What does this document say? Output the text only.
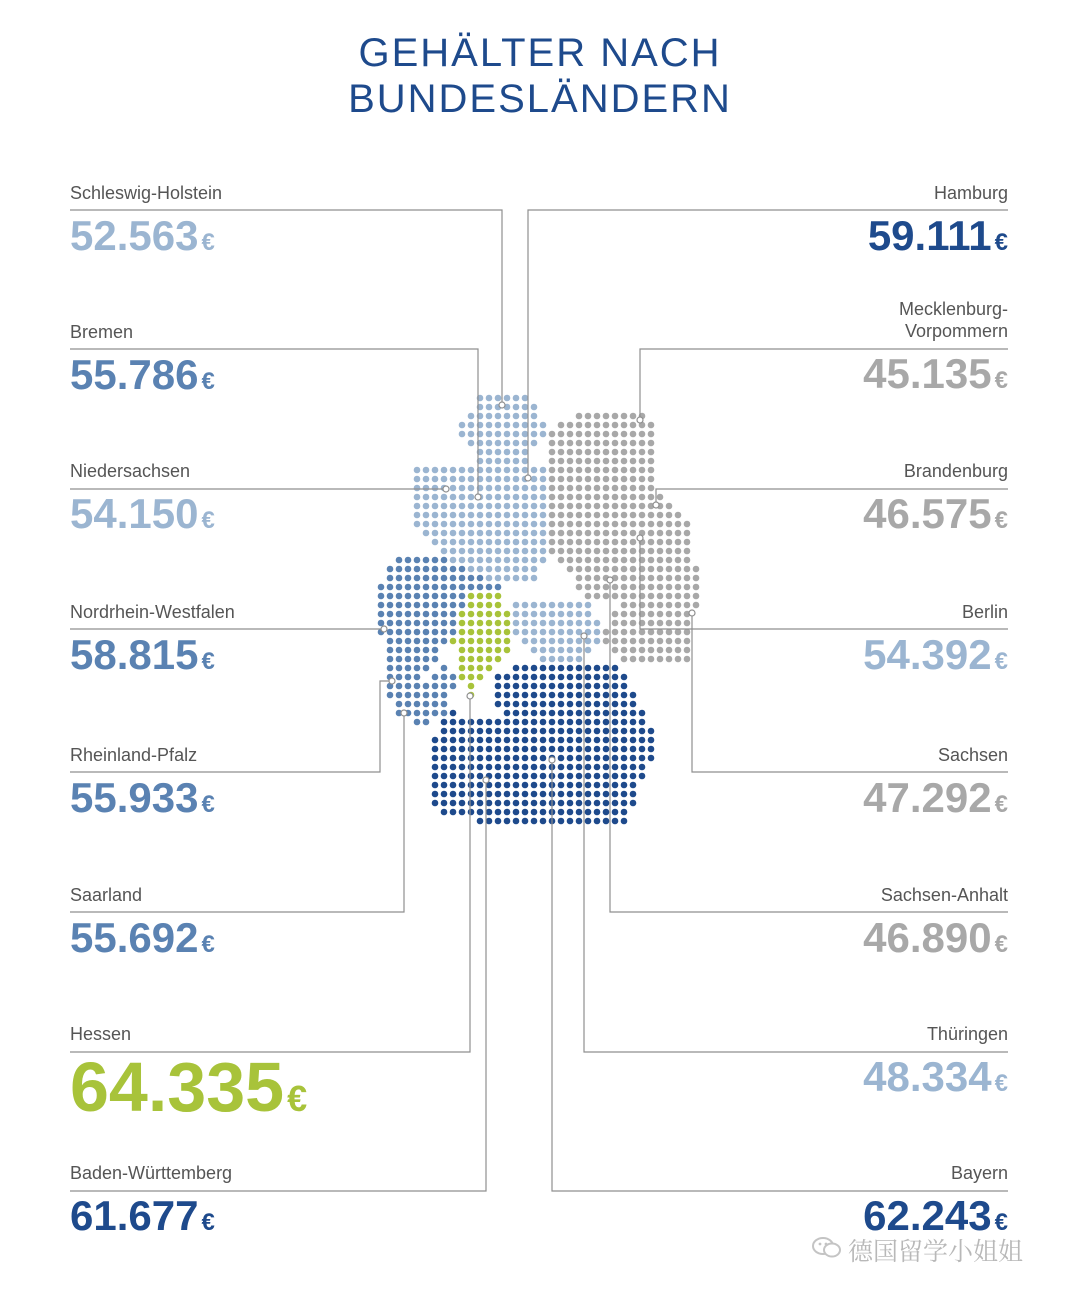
GEHÄLTER NACH
BUNDESLÄNDERN
Schleswig-Holstein
52.563 €
Bremen
55.786 €
Niedersachsen
54.150 €
Nordrhein-Westfalen
58.815 €
Rheinland-Pfalz
55.933 €
Saarland
55.692 €
Hessen
64.335€
Baden-Württemberg
61.677 €
Hamburg
59.111 €
Mecklenburg-
Vorpommern
45.135 €
Brandenburg
46.575 €
Berlin
54.392 €
Sachsen
47.292 €
Sachsen-Anhalt
46.890 €
Thüringen
48.334 €
Bayern
62.243 €
德国留学小姐姐
